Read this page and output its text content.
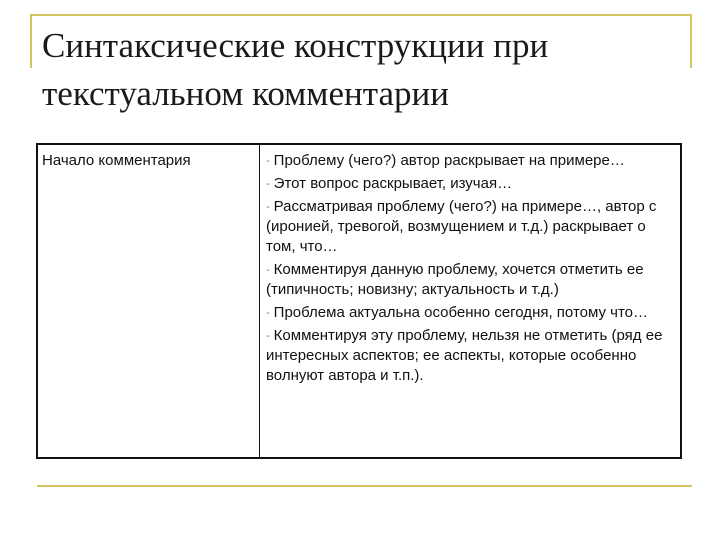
Синтаксические конструкции при текстуальном комментарии

Начало комментария	- Проблему (чего?) автор раскрывает на примере…

- Этот вопрос раскрывает, изучая…

- Рассматривая проблему (чего?) на примере…, автор с (иронией, тревогой, возмущением и т.д.) раскрывает о том, что…

- Комментируя данную проблему, хочется отметить ее (типичность; новизну; актуальность и т.д.)

- Проблема актуальна особенно сегодня, потому что…

- Комментируя эту проблему, нельзя не отметить (ряд ее интересных аспектов; ее аспекты, которые особенно волнуют автора и т.п.).
